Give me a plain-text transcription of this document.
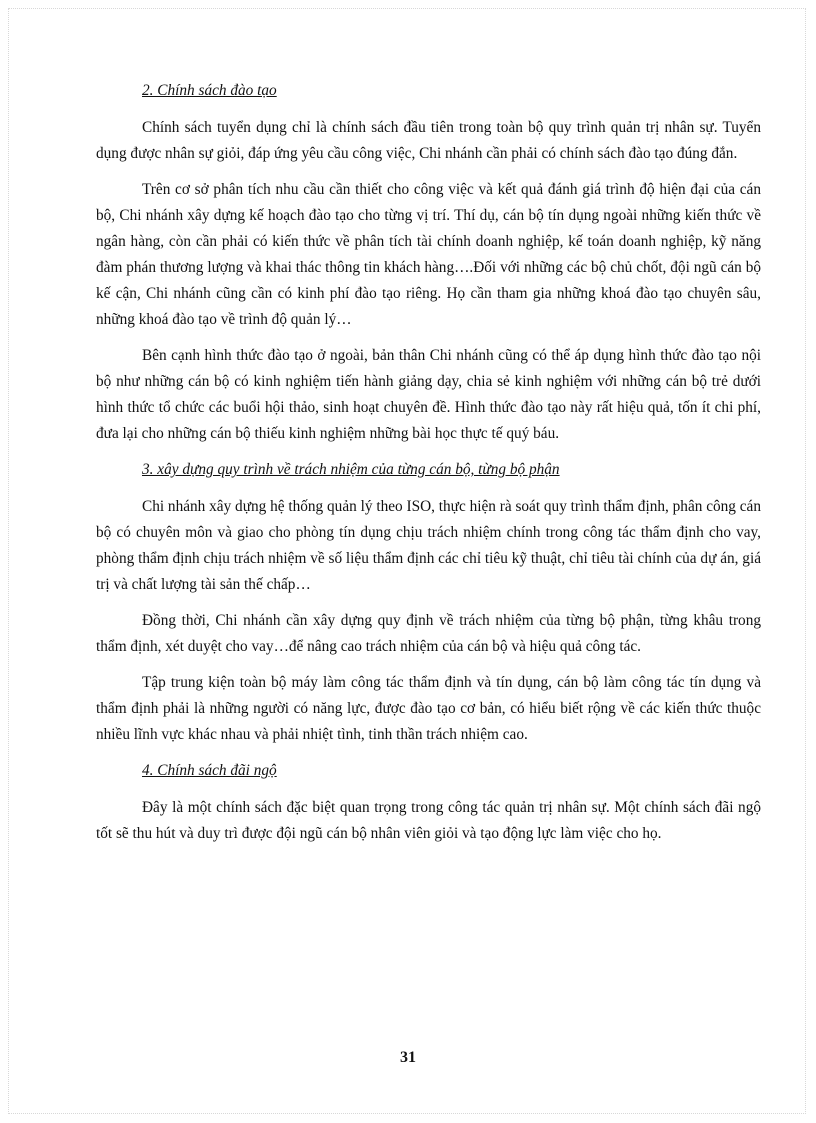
2. Chính sách đào tạo

Chính sách tuyển dụng chỉ là chính sách đầu tiên trong toàn bộ quy trình quản trị nhân sự. Tuyển dụng được nhân sự giỏi, đáp ứng yêu cầu công việc, Chi nhánh cần phải có chính sách đào tạo đúng đắn.

Trên cơ sở phân tích nhu cầu cần thiết cho công việc và kết quả đánh giá trình độ hiện đại của cán bộ, Chi nhánh xây dựng kế hoạch đào tạo cho từng vị trí. Thí dụ, cán bộ tín dụng ngoài những kiến thức về ngân hàng, còn cần phải có kiến thức về phân tích tài chính doanh nghiệp, kế toán doanh nghiệp, kỹ năng đàm phán thương lượng và khai thác thông tin khách hàng….Đối với những các bộ chủ chốt, đội ngũ cán bộ kế cận, Chi nhánh cũng cần có kinh phí đào tạo riêng. Họ cần tham gia những khoá đào tạo chuyên sâu, những khoá đào tạo về trình độ quản lý…

Bên cạnh hình thức đào tạo ở ngoài, bản thân Chi nhánh cũng có thể áp dụng hình thức đào tạo nội bộ như những cán bộ có kinh nghiệm tiến hành giảng dạy, chia sẻ kinh nghiệm với những cán bộ trẻ dưới hình thức tổ chức các buổi hội thảo, sinh hoạt chuyên đề. Hình thức đào tạo này rất hiệu quả, tốn ít chi phí, đưa lại cho những cán bộ thiếu kinh nghiệm những bài học thực tế quý báu.

3. xây dựng quy trình về trách nhiệm của từng cán bộ, từng bộ phận

Chi nhánh xây dựng hệ thống quản lý theo ISO, thực hiện rà soát quy trình thẩm định, phân công cán bộ có chuyên môn và giao cho phòng tín dụng chịu trách nhiệm chính trong công tác thẩm định cho vay, phòng thẩm định chịu trách nhiệm về số liệu thẩm định các chỉ tiêu kỹ thuật, chỉ tiêu tài chính của dự án, giá trị và chất lượng tài sản thế chấp…

Đồng thời, Chi nhánh cần xây dựng quy định về trách nhiệm của từng bộ phận, từng khâu trong thẩm định, xét duyệt cho vay…để nâng cao trách nhiệm của cán bộ và hiệu quả công tác.

Tập trung kiện toàn bộ máy làm công tác thẩm định và tín dụng, cán bộ làm công tác tín dụng và thẩm định phải là những người có năng lực, được đào tạo cơ bản, có hiểu biết rộng về các kiến thức thuộc nhiều lĩnh vực khác nhau và phải nhiệt tình, tinh thần trách nhiệm cao.

4. Chính sách đãi ngộ

Đây là một chính sách đặc biệt quan trọng trong công tác quản trị nhân sự. Một chính sách đãi ngộ tốt sẽ thu hút và duy trì được đội ngũ cán bộ nhân viên giỏi và tạo động lực làm việc cho họ.

31
